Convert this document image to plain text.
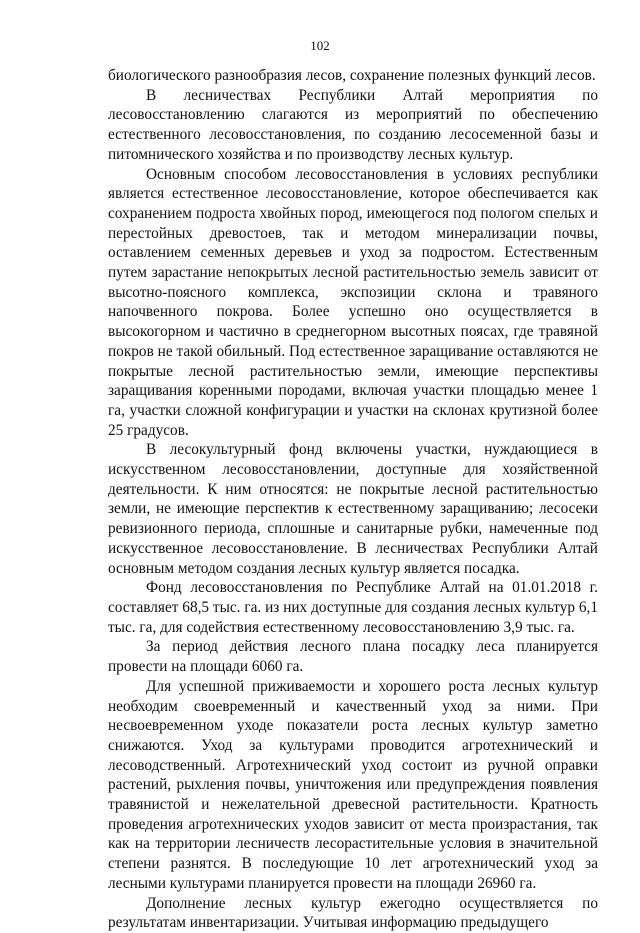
102

биологического разнообразия лесов, сохранение полезных функций лесов.

В лесничествах Республики Алтай мероприятия по лесовосстановлению слагаются из мероприятий по обеспечению естественного лесовосстановления, по созданию лесосеменной базы и питомнического хозяйства и по производству лесных культур.

Основным способом лесовосстановления в условиях республики является естественное лесовосстановление, которое обеспечивается как сохранением подроста хвойных пород, имеющегося под пологом спелых и перестойных древостоев, так и методом минерализации почвы, оставлением семенных деревьев и уход за подростом. Естественным путем зарастание непокрытых лесной растительностью земель зависит от высотно-поясного комплекса, экспозиции склона и травяного напочвенного покрова. Более успешно оно осуществляется в высокогорном и частично в среднегорном высотных поясах, где травяной покров не такой обильный. Под естественное заращивание оставляются не покрытые лесной растительностью земли, имеющие перспективы заращивания коренными породами, включая участки площадью менее 1 га, участки сложной конфигурации и участки на склонах крутизной более 25 градусов.

В лесокультурный фонд включены участки, нуждающиеся в искусственном лесовосстановлении, доступные для хозяйственной деятельности. К ним относятся: не покрытые лесной растительностью земли, не имеющие перспектив к естественному заращиванию; лесосеки ревизионного периода, сплошные и санитарные рубки, намеченные под искусственное лесовосстановление. В лесничествах Республики Алтай основным методом создания лесных культур является посадка.

Фонд лесовосстановления по Республике Алтай на 01.01.2018 г. составляет 68,5 тыс. га. из них доступные для создания лесных культур 6,1 тыс. га, для содействия естественному лесовосстановлению 3,9 тыс. га.

За период действия лесного плана посадку леса планируется провести на площади 6060 га.

Для успешной приживаемости и хорошего роста лесных культур необходим своевременный и качественный уход за ними. При несвоевременном уходе показатели роста лесных культур заметно снижаются. Уход за культурами проводится агротехнический и лесоводственный. Агротехнический уход состоит из ручной оправки растений, рыхления почвы, уничтожения или предупреждения появления травянистой и нежелательной древесной растительности. Кратность проведения агротехнических уходов зависит от места произрастания, так как на территории лесничеств лесорастительные условия в значительной степени разнятся. В последующие 10 лет агротехнический уход за лесными культурами планируется провести на площади 26960 га.

Дополнение лесных культур ежегодно осуществляется по результатам инвентаризации. Учитывая информацию предыдущего
